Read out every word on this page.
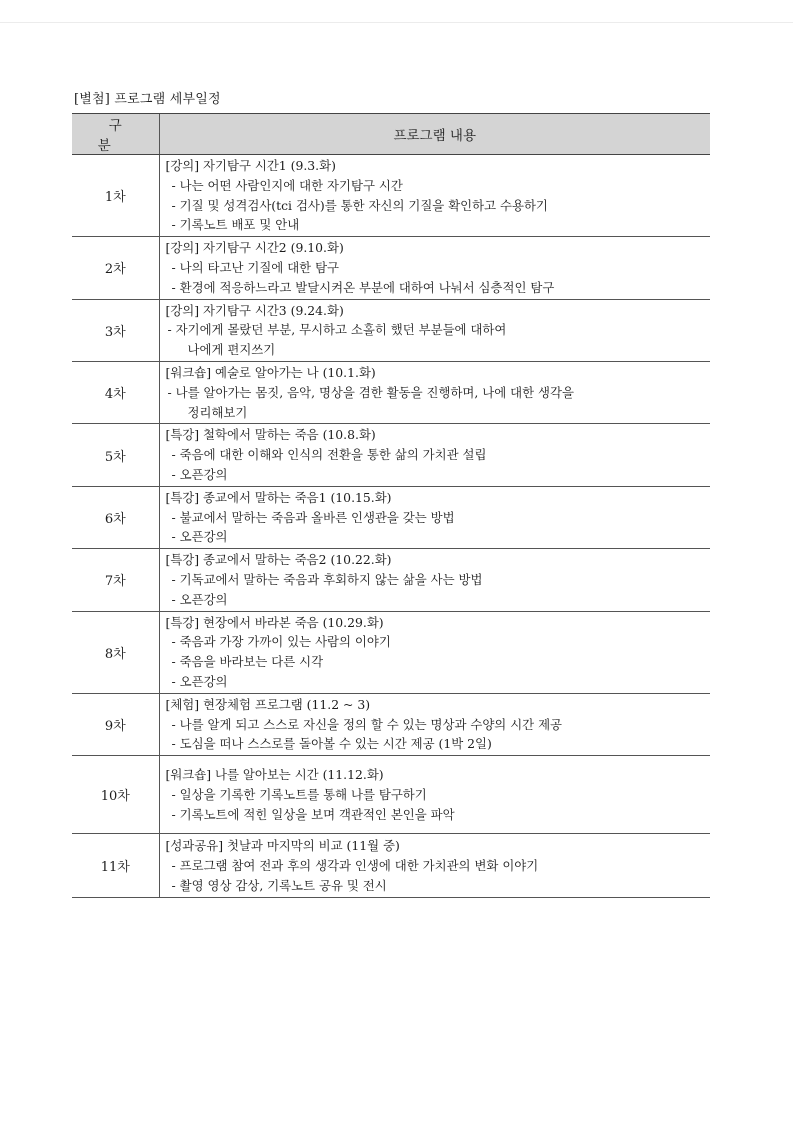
[별첨] 프로그램 세부일정
구분	프로그램 내용
1차	[강의] 자기탐구 시간1 (9.3.화)
- 나는 어떤 사람인지에 대한 자기탐구 시간
- 기질 및 성격검사(tci 검사)를 통한 자신의 기질을 확인하고 수용하기
- 기록노트 배포 및 안내

2차	[강의] 자기탐구 시간2 (9.10.화)
- 나의 타고난 기질에 대한 탐구
- 환경에 적응하느라고 발달시켜온 부분에 대하여 나눠서 심층적인 탐구

3차	[강의] 자기탐구 시간3 (9.24.화)
- 자기에게 몰랐던 부분, 무시하고 소홀히 했던 부분들에 대하여
나에게 편지쓰기

4차	[워크숍] 예술로 알아가는 나 (10.1.화)
- 나를 알아가는 몸짓, 음악, 명상을 겸한 활동을 진행하며, 나에 대한 생각을
정리해보기

5차	[특강] 철학에서 말하는 죽음 (10.8.화)
- 죽음에 대한 이해와 인식의 전환을 통한 삶의 가치관 설립
- 오픈강의

6차	[특강] 종교에서 말하는 죽음1 (10.15.화)
- 불교에서 말하는 죽음과 올바른 인생관을 갖는 방법
- 오픈강의

7차	[특강] 종교에서 말하는 죽음2 (10.22.화)
- 기독교에서 말하는 죽음과 후회하지 않는 삶을 사는 방법
- 오픈강의

8차	[특강] 현장에서 바라본 죽음 (10.29.화)
- 죽음과 가장 가까이 있는 사람의 이야기
- 죽음을 바라보는 다른 시각
- 오픈강의

9차	[체험] 현장체험 프로그램 (11.2 ~ 3)
- 나를 알게 되고 스스로 자신을 정의 할 수 있는 명상과 수양의 시간 제공
- 도심을 떠나 스스로를 돌아볼 수 있는 시간 제공 (1박 2일)

10차	[워크숍] 나를 알아보는 시간 (11.12.화)
- 일상을 기록한 기록노트를 통해 나를 탐구하기
- 기록노트에 적힌 일상을 보며 객관적인 본인을 파악

11차	[성과공유] 첫날과 마지막의 비교 (11월 중)
- 프로그램 참여 전과 후의 생각과 인생에 대한 가치관의 변화 이야기
- 촬영 영상 감상, 기록노트 공유 및 전시
